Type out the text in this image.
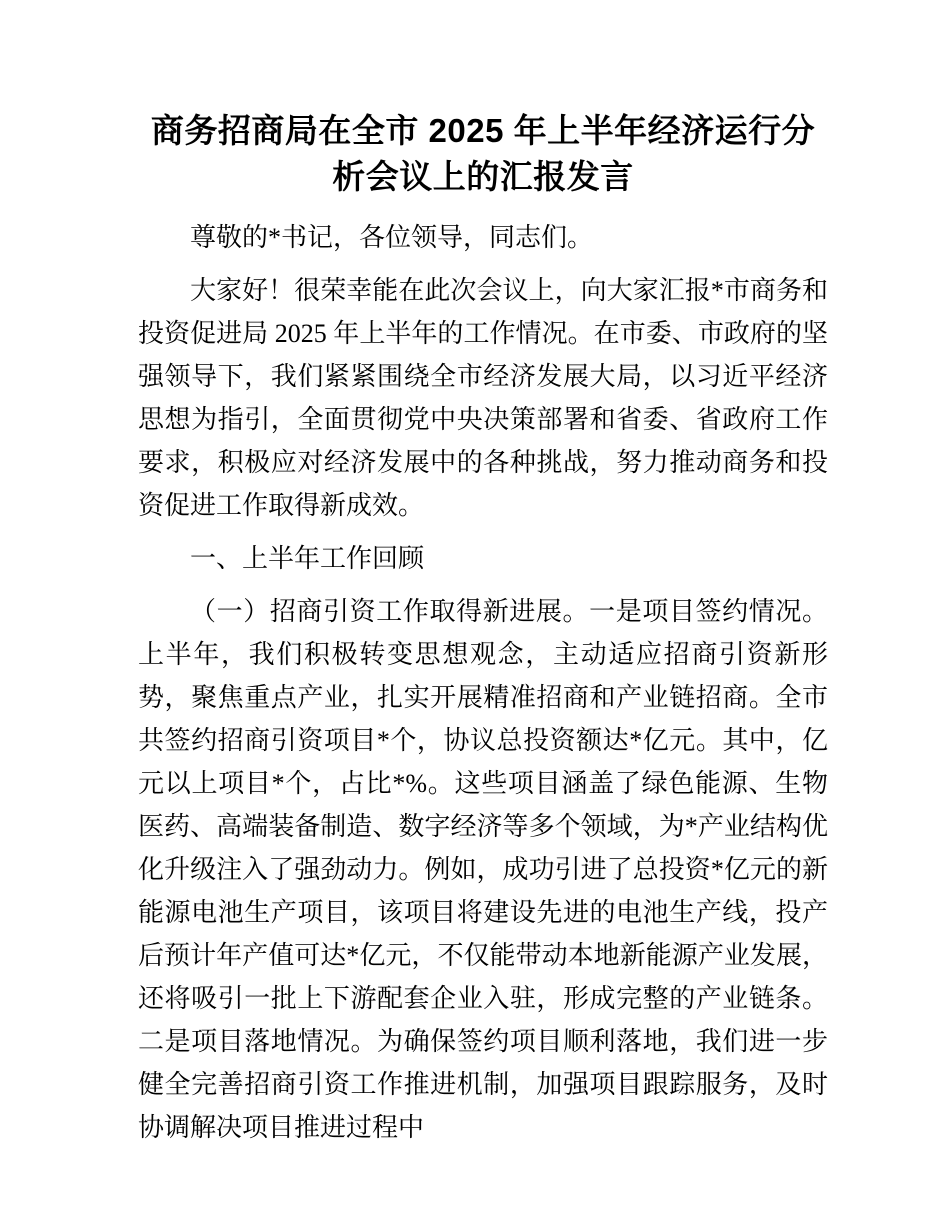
商务招商局在全市 2025 年上半年经济运行分析会议上的汇报发言

尊敬的*书记，各位领导，同志们。

大家好！很荣幸能在此次会议上，向大家汇报*市商务和投资促进局 2025 年上半年的工作情况。在市委、市政府的坚强领导下，我们紧紧围绕全市经济发展大局，以习近平经济思想为指引，全面贯彻党中央决策部署和省委、省政府工作要求，积极应对经济发展中的各种挑战，努力推动商务和投资促进工作取得新成效。

一、上半年工作回顾

（一）招商引资工作取得新进展。一是项目签约情况。上半年，我们积极转变思想观念，主动适应招商引资新形势，聚焦重点产业，扎实开展精准招商和产业链招商。全市共签约招商引资项目*个，协议总投资额达*亿元。其中，亿元以上项目*个，占比*%。这些项目涵盖了绿色能源、生物医药、高端装备制造、数字经济等多个领域，为*产业结构优化升级注入了强劲动力。例如，成功引进了总投资*亿元的新能源电池生产项目，该项目将建设先进的电池生产线，投产后预计年产值可达*亿元，不仅能带动本地新能源产业发展，还将吸引一批上下游配套企业入驻，形成完整的产业链条。二是项目落地情况。为确保签约项目顺利落地，我们进一步健全完善招商引资工作推进机制，加强项目跟踪服务，及时协调解决项目推进过程中
